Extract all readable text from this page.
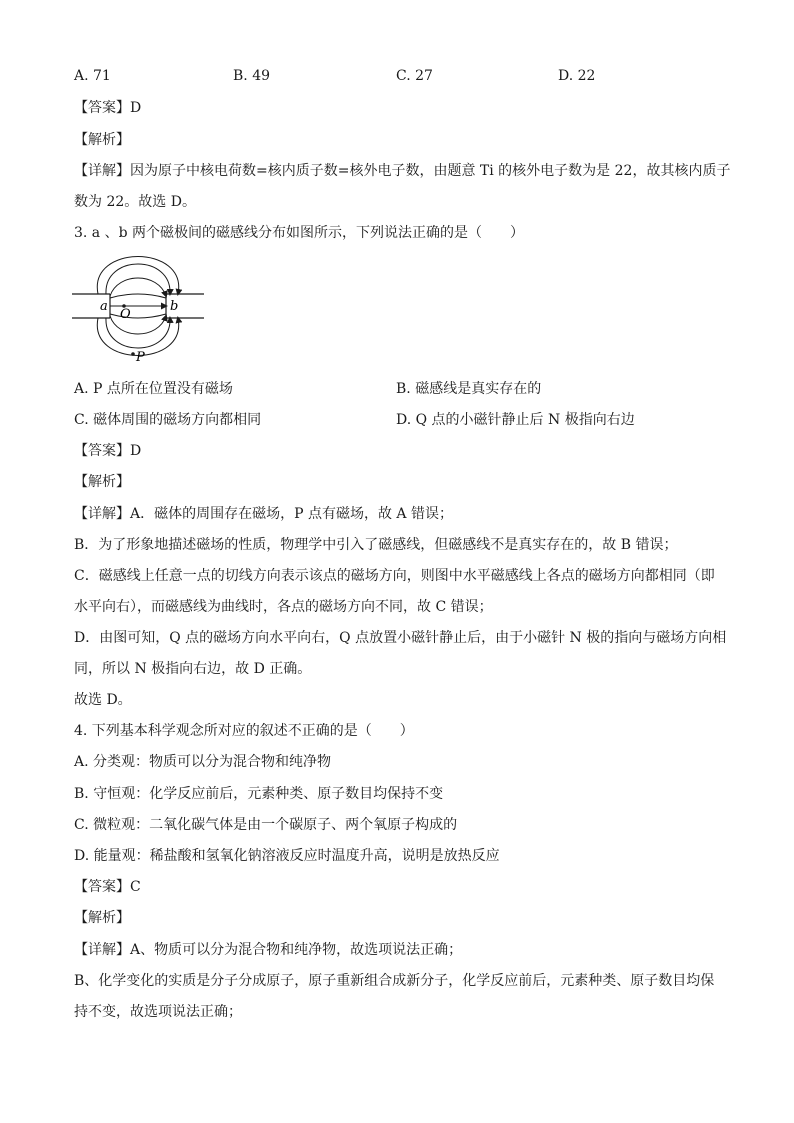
A. 71	B. 49	C. 27	D. 22
【答案】D
【解析】
【详解】因为原子中核电荷数=核内质子数=核外电子数，由题意 Ti 的核外电子数为是 22，故其核内质子
数为 22。故选 D。
3. a 、b 两个磁极间的磁感线分布如图所示，下列说法正确的是（　　）
a	b
O
P
A. P 点所在位置没有磁场	B. 磁感线是真实存在的
C. 磁体周围的磁场方向都相同	D. Q 点的小磁针静止后 N 极指向右边
【答案】D
【解析】
【详解】A．磁体的周围存在磁场，P 点有磁场，故 A 错误；
B．为了形象地描述磁场的性质，物理学中引入了磁感线，但磁感线不是真实存在的，故 B 错误；
C．磁感线上任意一点的切线方向表示该点的磁场方向，则图中水平磁感线上各点的磁场方向都相同（即
水平向右），而磁感线为曲线时，各点的磁场方向不同，故 C 错误；
D．由图可知，Q 点的磁场方向水平向右，Q 点放置小磁针静止后，由于小磁针 N 极的指向与磁场方向相
同，所以 N 极指向右边，故 D 正确。
故选 D。
4. 下列基本科学观念所对应的叙述不正确的是（　　）
A. 分类观：物质可以分为混合物和纯净物
B. 守恒观：化学反应前后，元素种类、原子数目均保持不变
C. 微粒观：二氧化碳气体是由一个碳原子、两个氧原子构成的
D. 能量观：稀盐酸和氢氧化钠溶液反应时温度升高，说明是放热反应
【答案】C
【解析】
【详解】A、物质可以分为混合物和纯净物，故选项说法正确；
B、化学变化的实质是分子分成原子，原子重新组合成新分子，化学反应前后，元素种类、原子数目均保
持不变，故选项说法正确；
